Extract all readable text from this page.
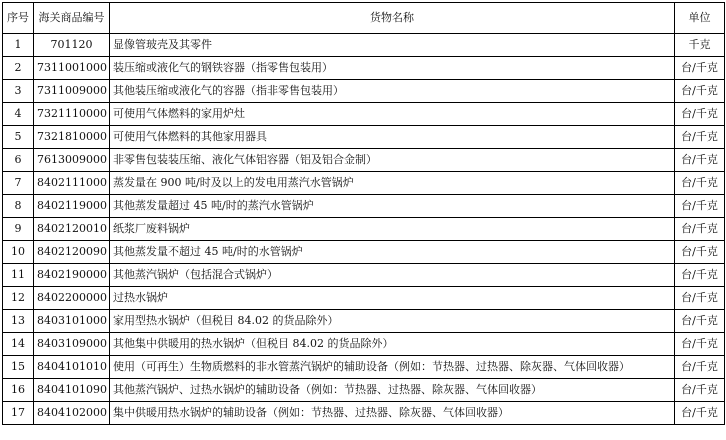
序号	海关商品编号	货物名称	单位
1	701120	显像管玻壳及其零件	千克
2	7311001000	装压缩或液化气的钢铁容器（指零售包装用）	台/千克
3	7311009000	其他装压缩或液化气的容器（指非零售包装用）	台/千克
4	7321110000	可使用气体燃料的家用炉灶	台/千克
5	7321810000	可使用气体燃料的其他家用器具	台/千克
6	7613009000	非零售包装装压缩、液化气体铝容器（铝及铝合金制）	台/千克
7	8402111000	蒸发量在 900 吨/时及以上的发电用蒸汽水管锅炉	台/千克
8	8402119000	其他蒸发量超过 45 吨/时的蒸汽水管锅炉	台/千克
9	8402120010	纸浆厂废料锅炉	台/千克
10	8402120090	其他蒸发量不超过 45 吨/时的水管锅炉	台/千克
11	8402190000	其他蒸汽锅炉（包括混合式锅炉）	台/千克
12	8402200000	过热水锅炉	台/千克
13	8403101000	家用型热水锅炉（但税目 84.02 的货品除外）	台/千克
14	8403109000	其他集中供暖用的热水锅炉（但税目 84.02 的货品除外）	台/千克
15	8404101010	使用（可再生）生物质燃料的非水管蒸汽锅炉的辅助设备（例如：节热器、过热器、除灰器、气体回收器）	台/千克
16	8404101090	其他蒸汽锅炉、过热水锅炉的辅助设备（例如：节热器、过热器、除灰器、气体回收器）	台/千克
17	8404102000	集中供暖用热水锅炉的辅助设备（例如：节热器、过热器、除灰器、气体回收器）	台/千克
